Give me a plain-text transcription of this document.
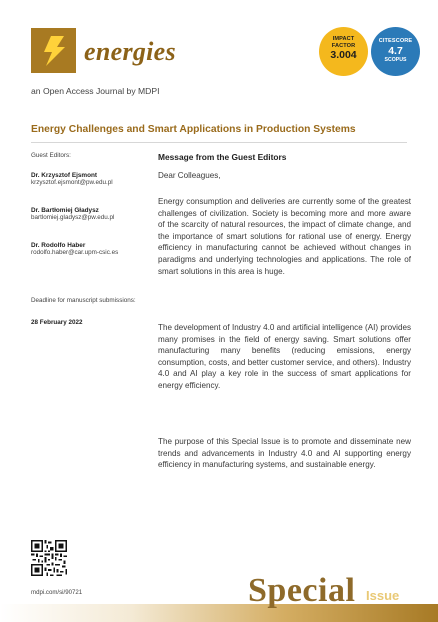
energies
an Open Access Journal by MDPI
IMPACT
FACTOR
3.004
CITESCORE
4.7
SCOPUS
Energy Challenges and Smart Applications in Production Systems
Guest Editors:
Dr. Krzysztof Ejsmont
krzysztof.ejsmont@pw.edu.pl
Dr. Bartłomiej Gładysz
bartlomiej.gladysz@pw.edu.pl
Dr. Rodolfo Haber
rodolfo.haber@car.upm-csic.es
Deadline for manuscript submissions:
28 February 2022
Message from the Guest Editors
Dear Colleagues,
Energy consumption and deliveries are currently some of the greatest challenges of civilization. Society is becoming more and more aware of the scarcity of natural resources, the impact of climate change, and the importance of smart solutions for rational use of energy. Energy efficiency in manufacturing cannot be achieved without changes in paradigms and underlying technologies and applications. The role of smart solutions in this area is huge.
The development of Industry 4.0 and artificial intelligence (AI) provides many promises in the field of energy saving. Smart solutions offer manufacturing many benefits (reducing emissions, energy consumption, costs, and better customer service, and others). Industry 4.0 and AI play a key role in the success of smart applications for energy efficiency.
The purpose of this Special Issue is to promote and disseminate new trends and advancements in Industry 4.0 and AI supporting energy efficiency in manufacturing systems, and sustainable energy.
mdpi.com/si/90721	Special Issue
